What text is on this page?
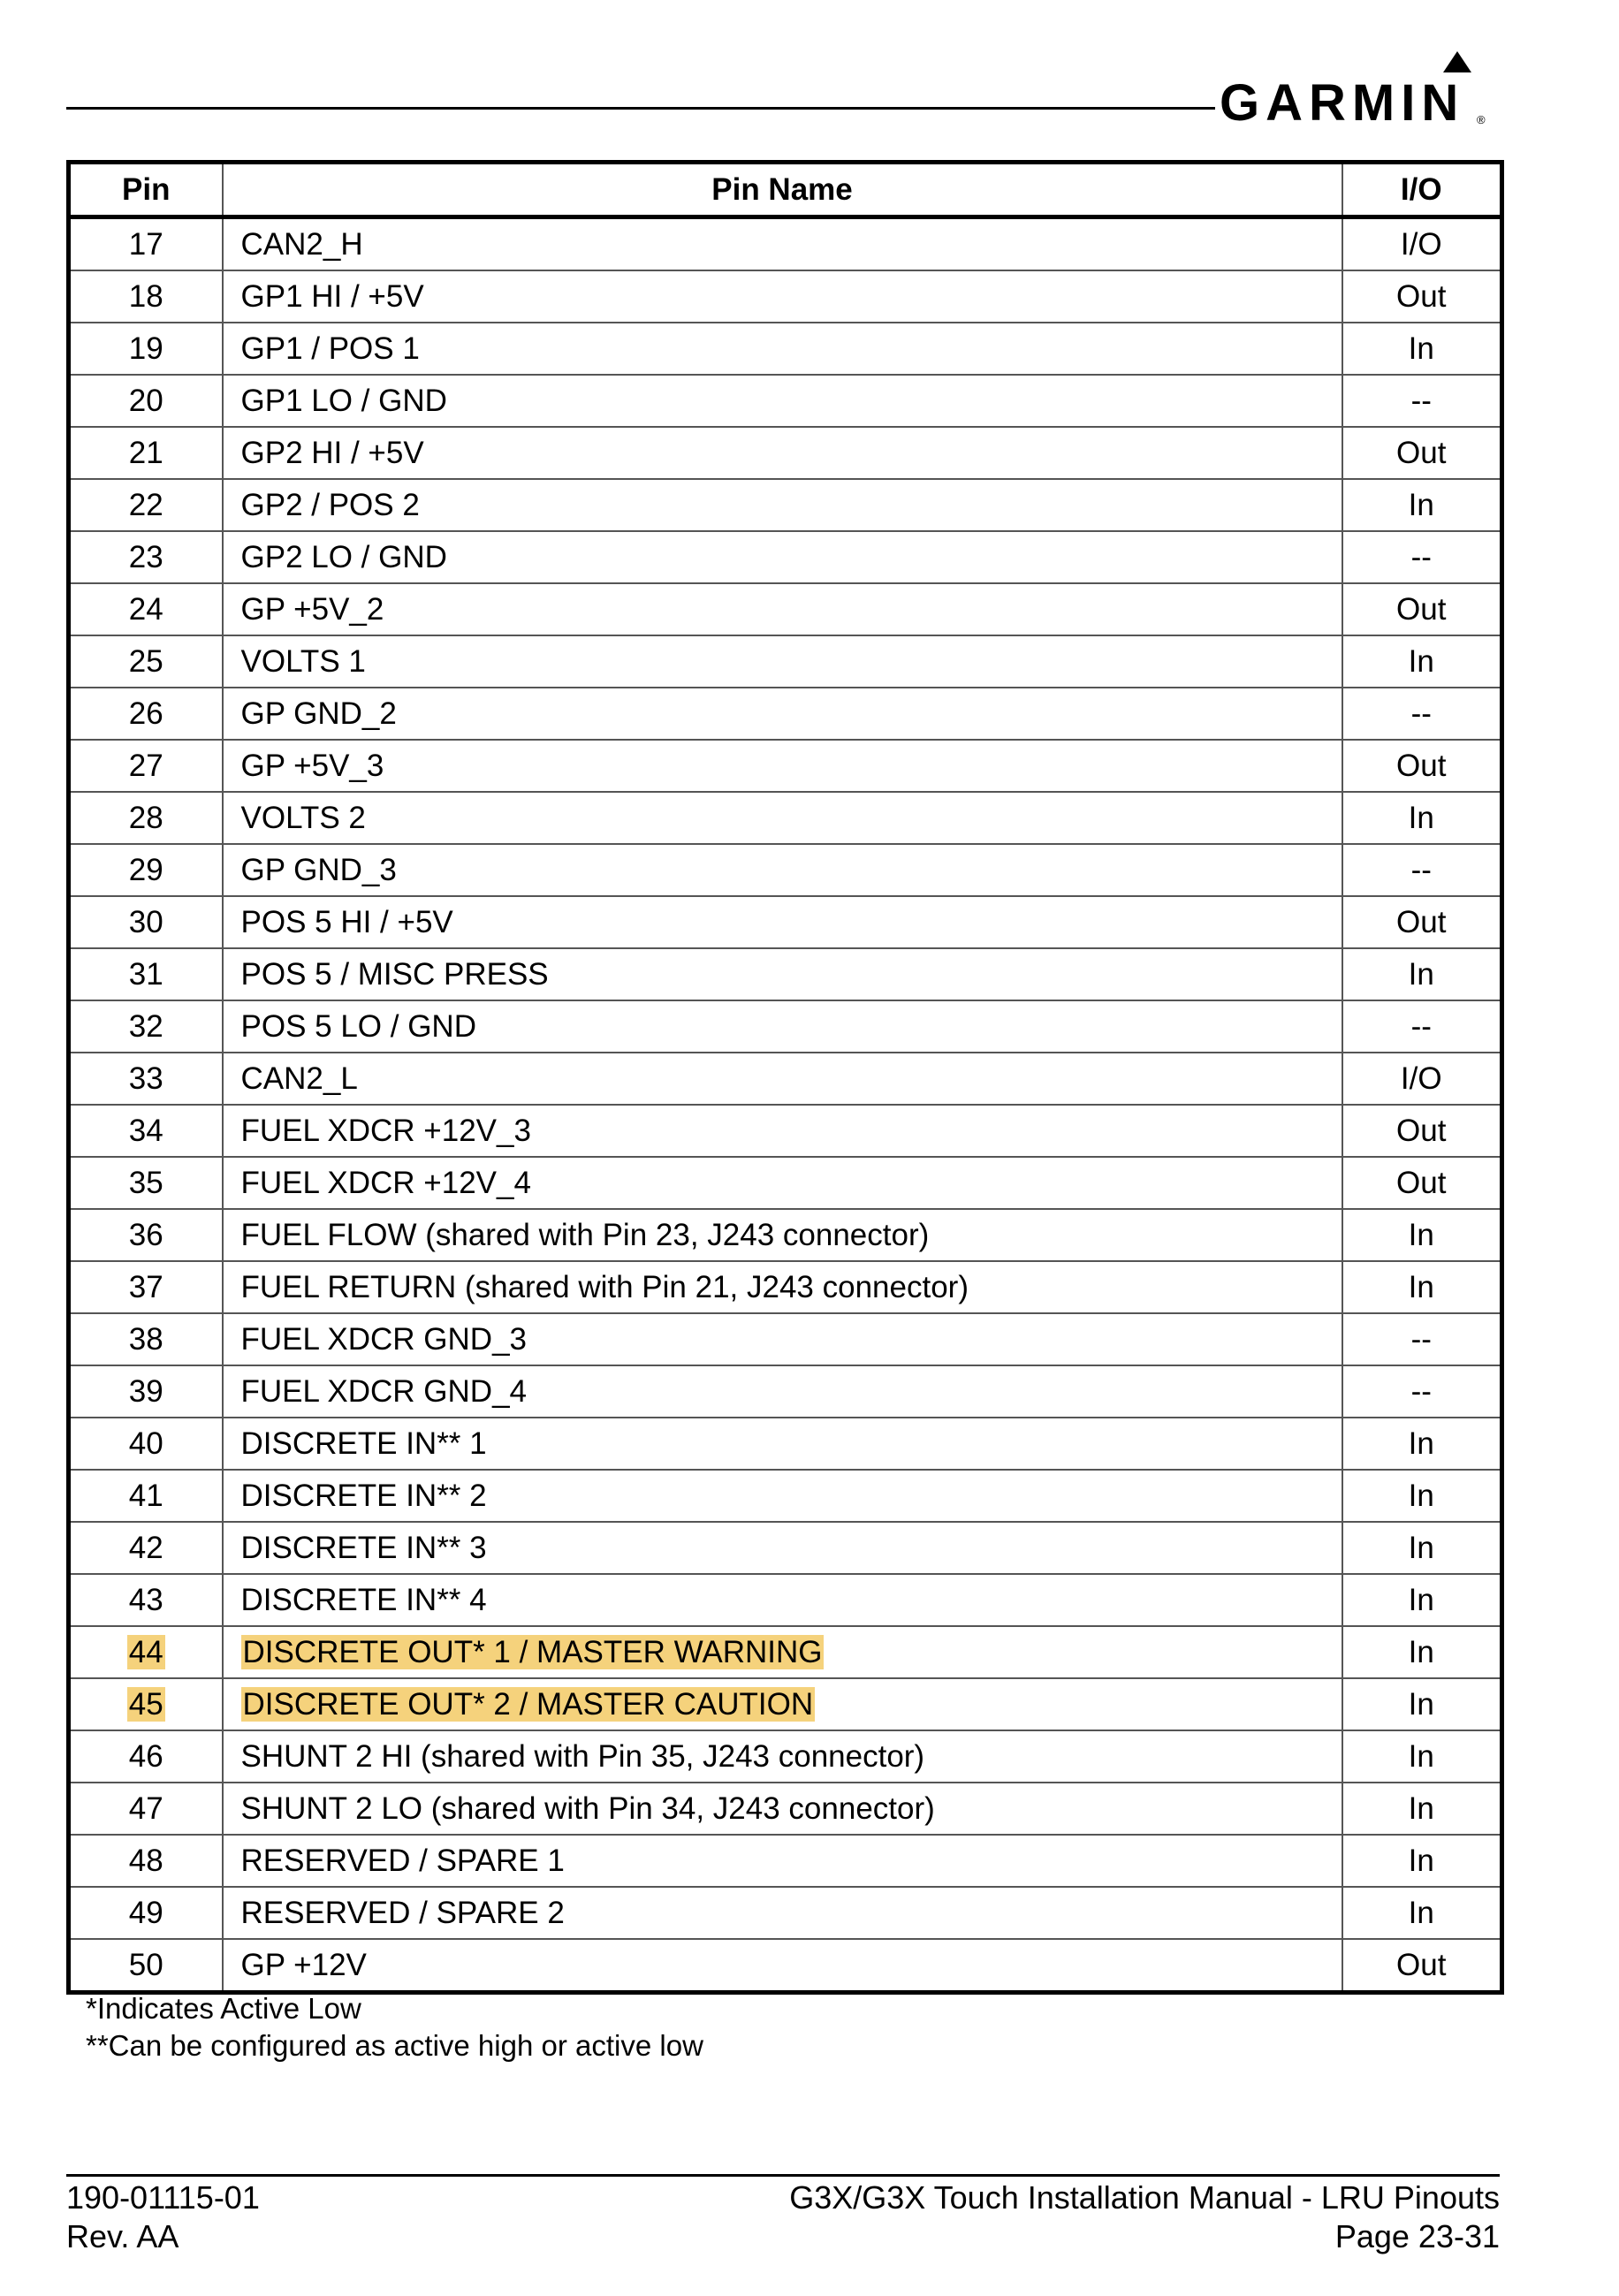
GARMIN ®
Pin	Pin Name	I/O
17	CAN2_H	I/O
18	GP1 HI / +5V	Out
19	GP1 / POS 1	In
20	GP1 LO / GND	--
21	GP2 HI / +5V	Out
22	GP2 / POS 2	In
23	GP2 LO / GND	--
24	GP +5V_2	Out
25	VOLTS 1	In
26	GP GND_2	--
27	GP +5V_3	Out
28	VOLTS 2	In
29	GP GND_3	--
30	POS 5 HI / +5V	Out
31	POS 5 / MISC PRESS	In
32	POS 5 LO / GND	--
33	CAN2_L	I/O
34	FUEL XDCR +12V_3	Out
35	FUEL XDCR +12V_4	Out
36	FUEL FLOW (shared with Pin 23, J243 connector)	In
37	FUEL RETURN (shared with Pin 21, J243 connector)	In
38	FUEL XDCR GND_3	--
39	FUEL XDCR GND_4	--
40	DISCRETE IN** 1	In
41	DISCRETE IN** 2	In
42	DISCRETE IN** 3	In
43	DISCRETE IN** 4	In
44	DISCRETE OUT* 1 / MASTER WARNING	In
45	DISCRETE OUT* 2 / MASTER CAUTION	In
46	SHUNT 2 HI (shared with Pin 35, J243 connector)	In
47	SHUNT 2 LO (shared with Pin 34, J243 connector)	In
48	RESERVED / SPARE 1	In
49	RESERVED / SPARE 2	In
50	GP +12V	Out
*Indicates Active Low
**Can be configured as active high or active low
190-01115-01
Rev. AA
G3X/G3X Touch Installation Manual - LRU Pinouts
Page 23-31
